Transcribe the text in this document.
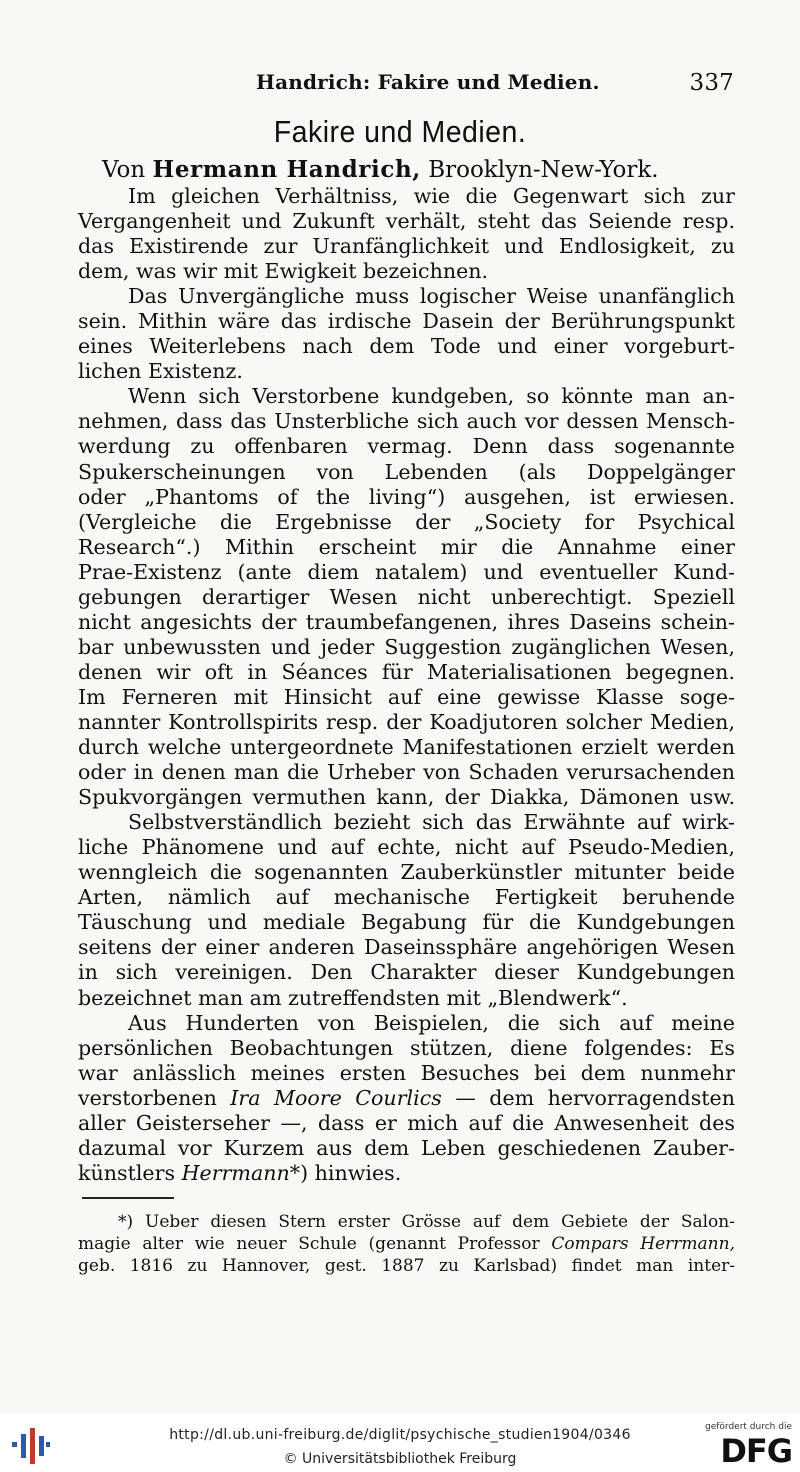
Handrich: Fakire und Medien.	337
Fakire und Medien.
Von Hermann Handrich, Brooklyn-New-York.
Im gleichen Verhältniss, wie die Gegenwart sich zur
Vergangenheit und Zukunft verhält, steht das Seiende resp.
das Existirende zur Uranfänglichkeit und Endlosigkeit, zu
dem, was wir mit Ewigkeit bezeichnen.
Das Unvergängliche muss logischer Weise unanfänglich
sein. Mithin wäre das irdische Dasein der Berührungspunkt
eines Weiterlebens nach dem Tode und einer vorgeburt-
lichen Existenz.
Wenn sich Verstorbene kundgeben, so könnte man an-
nehmen, dass das Unsterbliche sich auch vor dessen Mensch-
werdung zu offenbaren vermag. Denn dass sogenannte
Spukerscheinungen von Lebenden (als Doppelgänger
oder „Phantoms of the living“) ausgehen, ist erwiesen.
(Vergleiche die Ergebnisse der „Society for Psychical
Research“.) Mithin erscheint mir die Annahme einer
Prae-Existenz (ante diem natalem) und eventueller Kund-
gebungen derartiger Wesen nicht unberechtigt. Speziell
nicht angesichts der traumbefangenen, ihres Daseins schein-
bar unbewussten und jeder Suggestion zugänglichen Wesen,
denen wir oft in Séances für Materialisationen begegnen.
Im Ferneren mit Hinsicht auf eine gewisse Klasse soge-
nannter Kontrollspirits resp. der Koadjutoren solcher Medien,
durch welche untergeordnete Manifestationen erzielt werden
oder in denen man die Urheber von Schaden verursachenden
Spukvorgängen vermuthen kann, der Diakka, Dämonen usw.
Selbstverständlich bezieht sich das Erwähnte auf wirk-
liche Phänomene und auf echte, nicht auf Pseudo-Medien,
wenngleich die sogenannten Zauberkünstler mitunter beide
Arten, nämlich auf mechanische Fertigkeit beruhende
Täuschung und mediale Begabung für die Kundgebungen
seitens der einer anderen Daseinssphäre angehörigen Wesen
in sich vereinigen. Den Charakter dieser Kundgebungen
bezeichnet man am zutreffendsten mit „Blendwerk“.
Aus Hunderten von Beispielen, die sich auf meine
persönlichen Beobachtungen stützen, diene folgendes: Es
war anlässlich meines ersten Besuches bei dem nunmehr
verstorbenen Ira Moore Courlics — dem hervorragendsten
aller Geisterseher —, dass er mich auf die Anwesenheit des
dazumal vor Kurzem aus dem Leben geschiedenen Zauber-
künstlers Herrmann*) hinwies.
*) Ueber diesen Stern erster Grösse auf dem Gebiete der Salon-
magie alter wie neuer Schule (genannt Professor Compars Herrmann,
geb. 1816 zu Hannover, gest. 1887 zu Karlsbad) findet man inter-
http://dl.ub.uni-freiburg.de/diglit/psychische_studien1904/0346
© Universitätsbibliothek Freiburg
gefördert durch die
DFG
